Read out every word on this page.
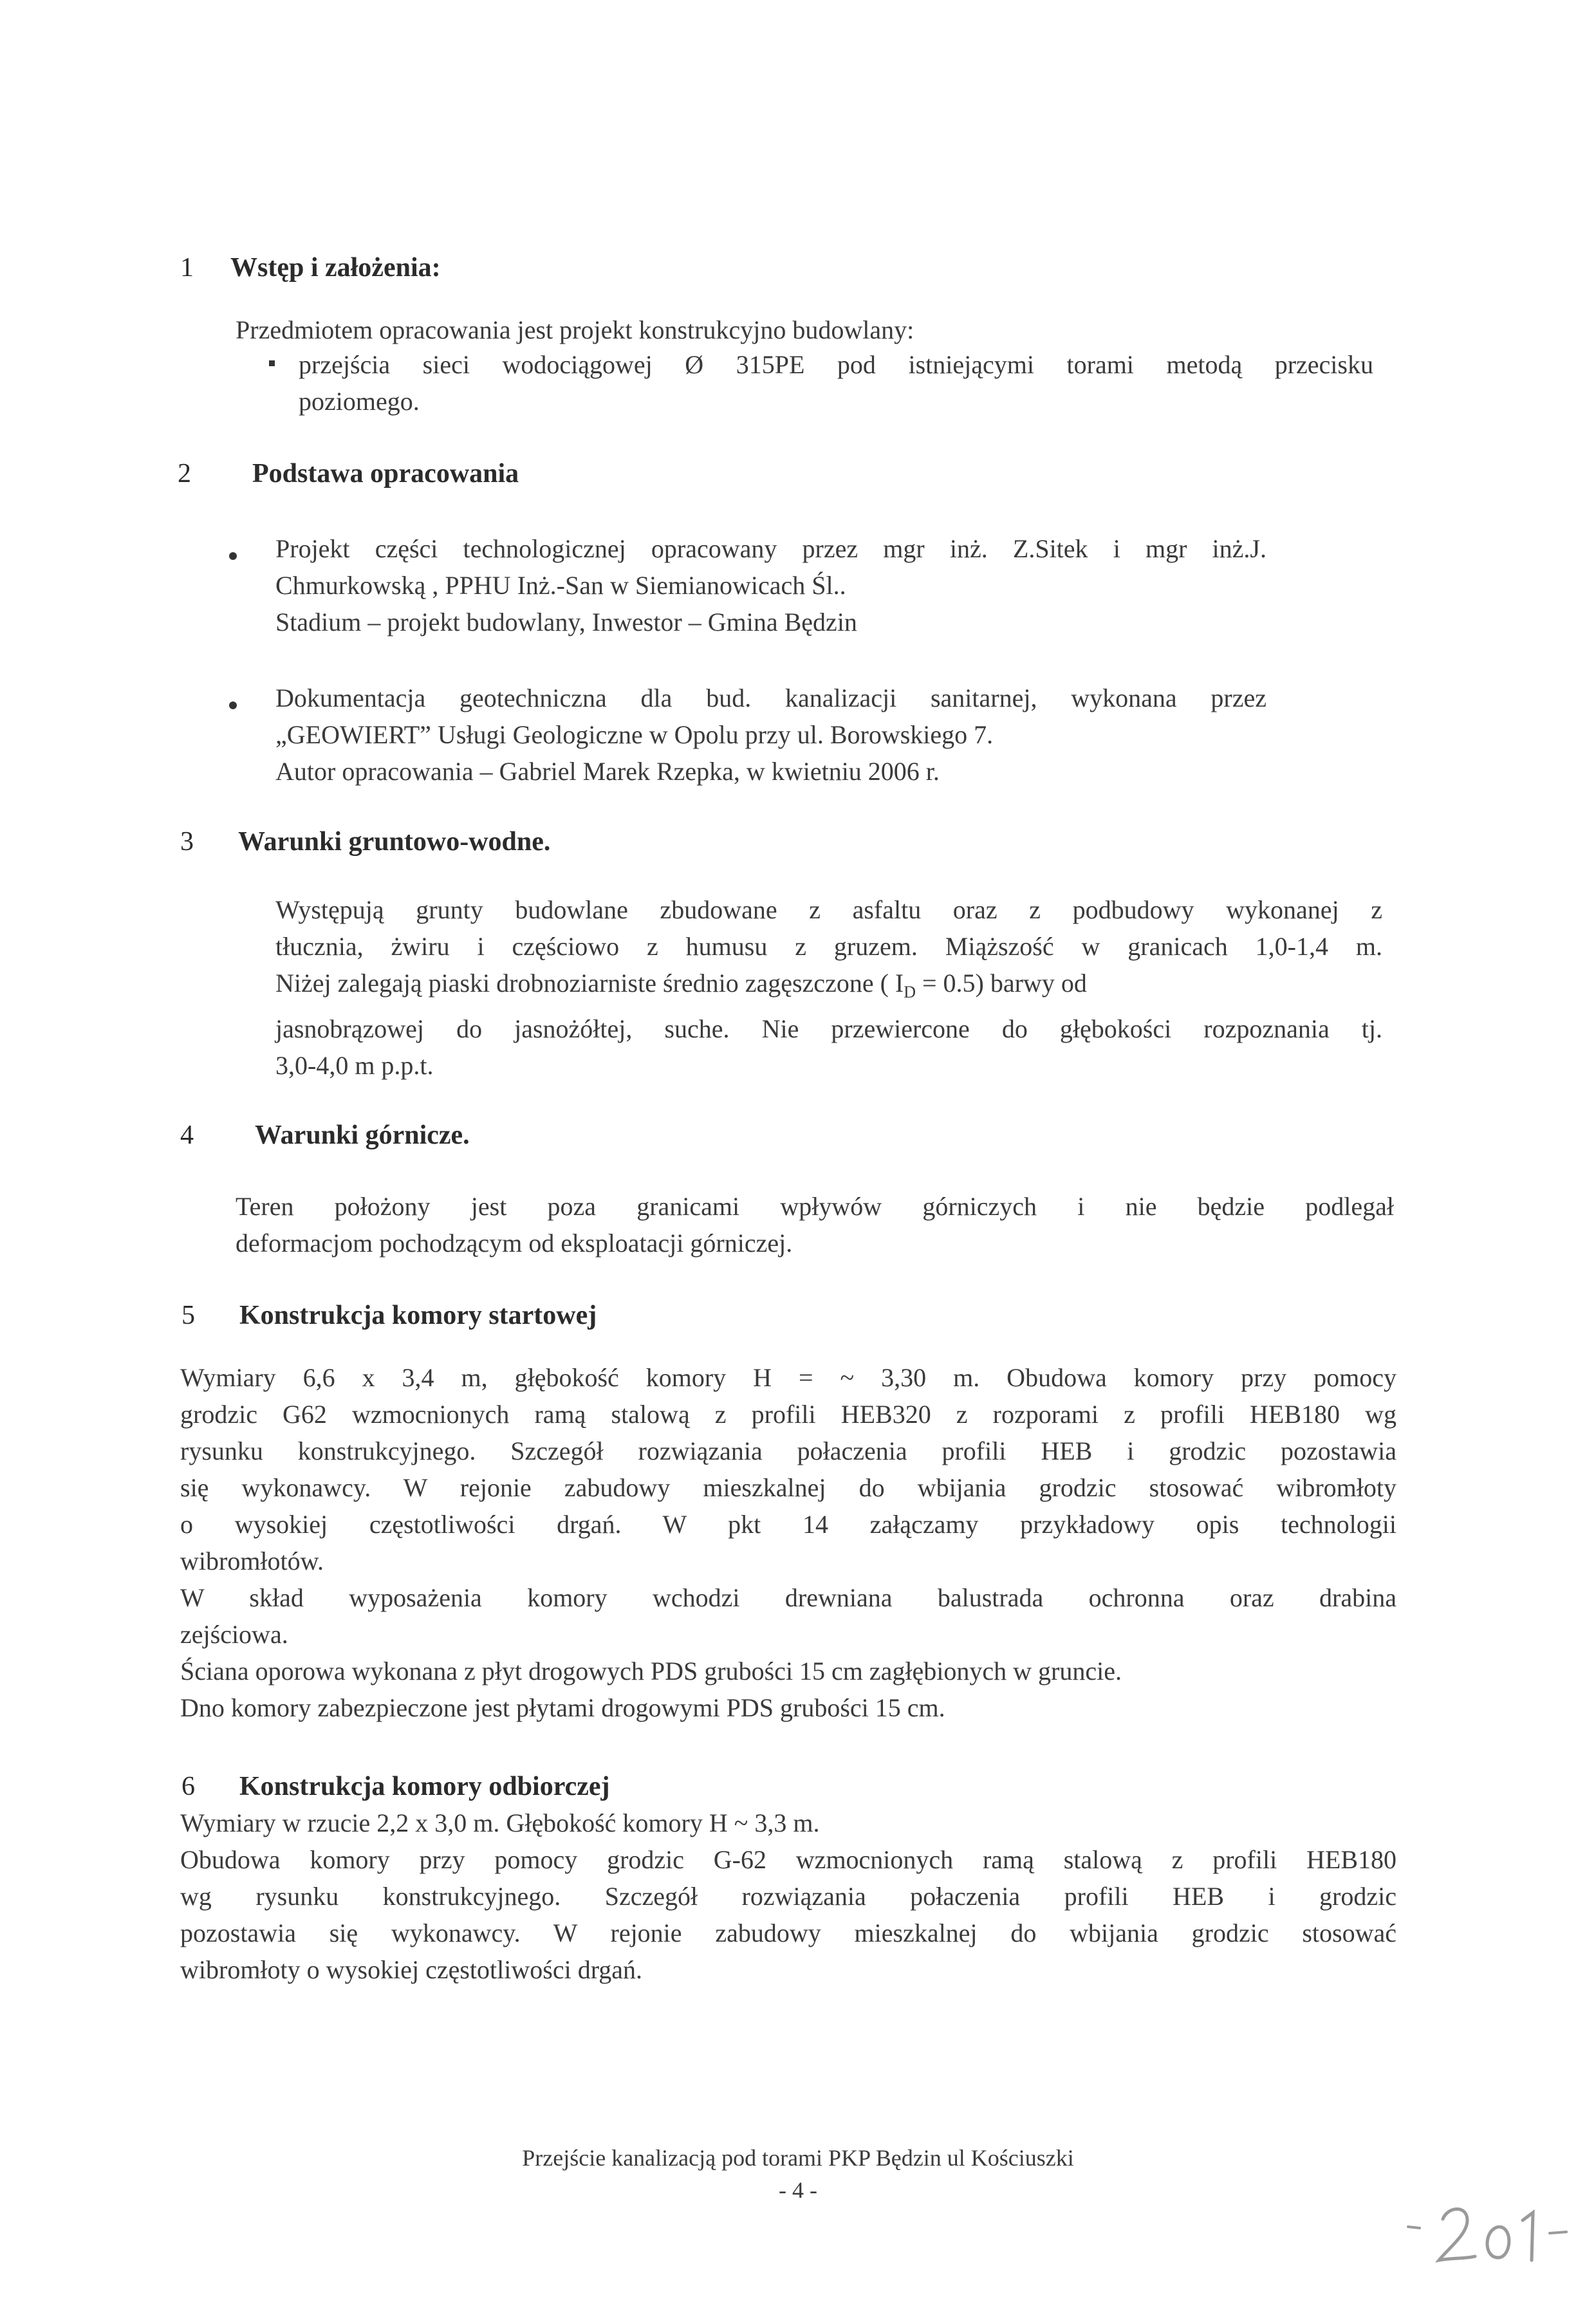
1 Wstęp i założenia:
Przedmiotem opracowania jest projekt konstrukcyjno budowlany:
przejścia sieci wodociągowej Ø 315PE pod istniejącymi torami metodą przecisku
poziomego.
2 Podstawa opracowania
Projekt części technologicznej opracowany przez mgr inż. Z.Sitek i mgr inż.J.
Chmurkowską , PPHU Inż.-San w Siemianowicach Śl..
Stadium – projekt budowlany, Inwestor – Gmina Będzin
Dokumentacja geotechniczna dla bud. kanalizacji sanitarnej, wykonana przez
„GEOWIERT” Usługi Geologiczne w Opolu przy ul. Borowskiego 7.
Autor opracowania – Gabriel Marek Rzepka, w kwietniu 2006 r.
3 Warunki gruntowo-wodne.
Występują grunty budowlane zbudowane z asfaltu oraz z podbudowy wykonanej z
tłucznia, żwiru i częściowo z humusu z gruzem. Miąższość w granicach 1,0-1,4 m.
Niżej zalegają piaski drobnoziarniste średnio zagęszczone ( $I_D = 0.5$) barwy od
jasnobrązowej do jasnożółtej, suche. Nie przewiercone do głębokości rozpoznania tj.
3,0-4,0 m p.p.t.
4 Warunki górnicze.
Teren położony jest poza granicami wpływów górniczych i nie będzie podlegał
deformacjom pochodzącym od eksploatacji górniczej.
5 Konstrukcja komory startowej
Wymiary 6,6 x 3,4 m, głębokość komory H = ~ 3,30 m. Obudowa komory przy pomocy
grodzic G62 wzmocnionych ramą stalową z profili HEB320 z rozporami z profili HEB180 wg
rysunku konstrukcyjnego. Szczegół rozwiązania połaczenia profili HEB i grodzic pozostawia
się wykonawcy. W rejonie zabudowy mieszkalnej do wbijania grodzic stosować wibromłoty
o wysokiej częstotliwości drgań. W pkt 14 załączamy przykładowy opis technologii
wibromłotów.
W skład wyposażenia komory wchodzi drewniana balustrada ochronna oraz drabina
zejściowa.
Ściana oporowa wykonana z płyt drogowych PDS grubości 15 cm zagłębionych w gruncie.
Dno komory zabezpieczone jest płytami drogowymi PDS grubości 15 cm.
6 Konstrukcja komory odbiorczej
Wymiary w rzucie 2,2 x 3,0 m. Głębokość komory H ~ 3,3 m.
Obudowa komory przy pomocy grodzic G-62 wzmocnionych ramą stalową z profili HEB180
wg rysunku konstrukcyjnego. Szczegół rozwiązania połaczenia profili HEB i grodzic
pozostawia się wykonawcy. W rejonie zabudowy mieszkalnej do wbijania grodzic stosować
wibromłoty o wysokiej częstotliwości drgań.
Przejście kanalizacją pod torami PKP Będzin ul Kościuszki
- 4 -
